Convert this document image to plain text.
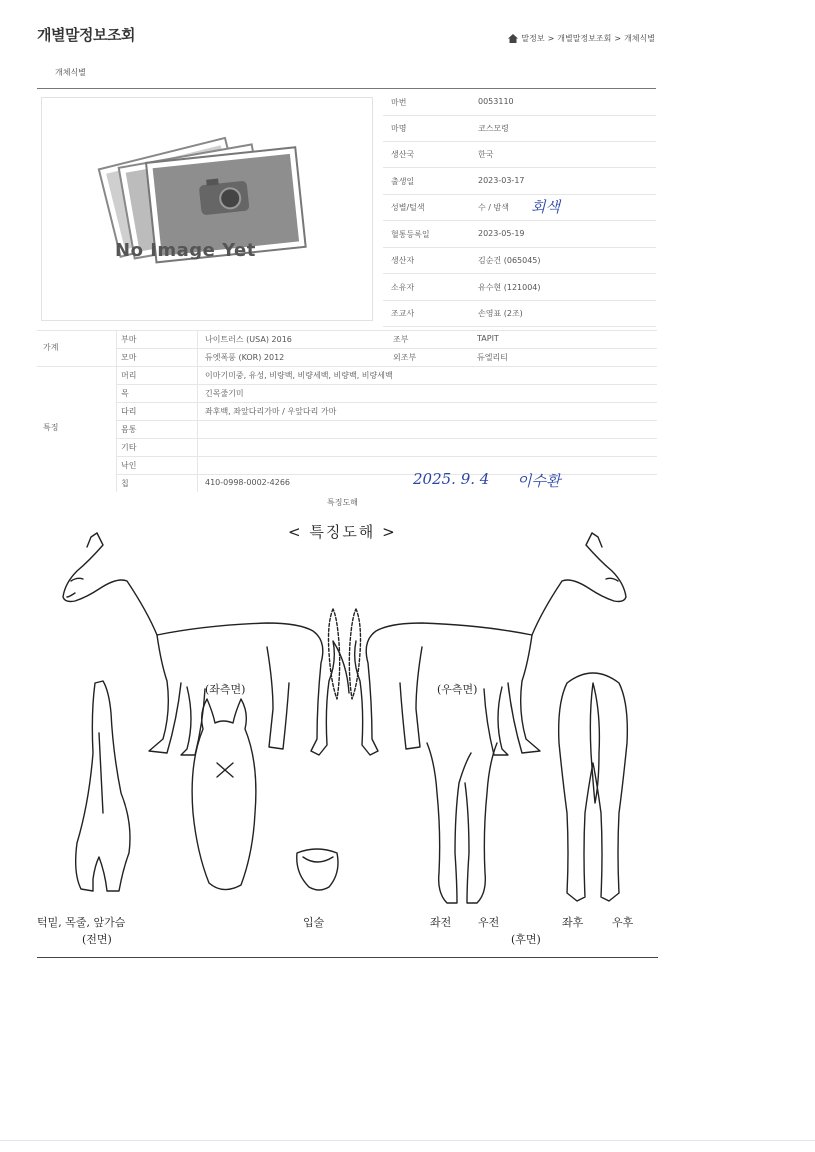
개별말정보조회	말정보 > 개별말정보조회 > 개체식별
개체식별
No Image Yet
마번	0053110
마명	코스모령
생산국	한국
출생일	2023-03-17
성별/털색	수 / 밤색 회색
혈통등록일	2023-05-19
생산자	김순건 (065045)
소유자	유수현 (121004)
조교사	손영표 (2조)
가계
부마	나이트러스 (USA) 2016	조부	TAPIT
모마	듀엣폭풍 (KOR) 2012	외조부	듀엘리티
특징
머리	이마기미중, 유성, 비량백, 비량세백, 비량백, 비량세백
목	긴목줄기미
다리	좌후백, 좌앞다리가마 / 우앞다리 가마
몸통
기타
낙인
칩	410-0998-0002-4266	2025. 9. 4 이수환
특징도해
< 특징도해 >
(좌측면)	(우측면)
턱밑, 목줄, 앞가슴
(전면)
입술	좌전 우전	좌후	우후
(후면)
